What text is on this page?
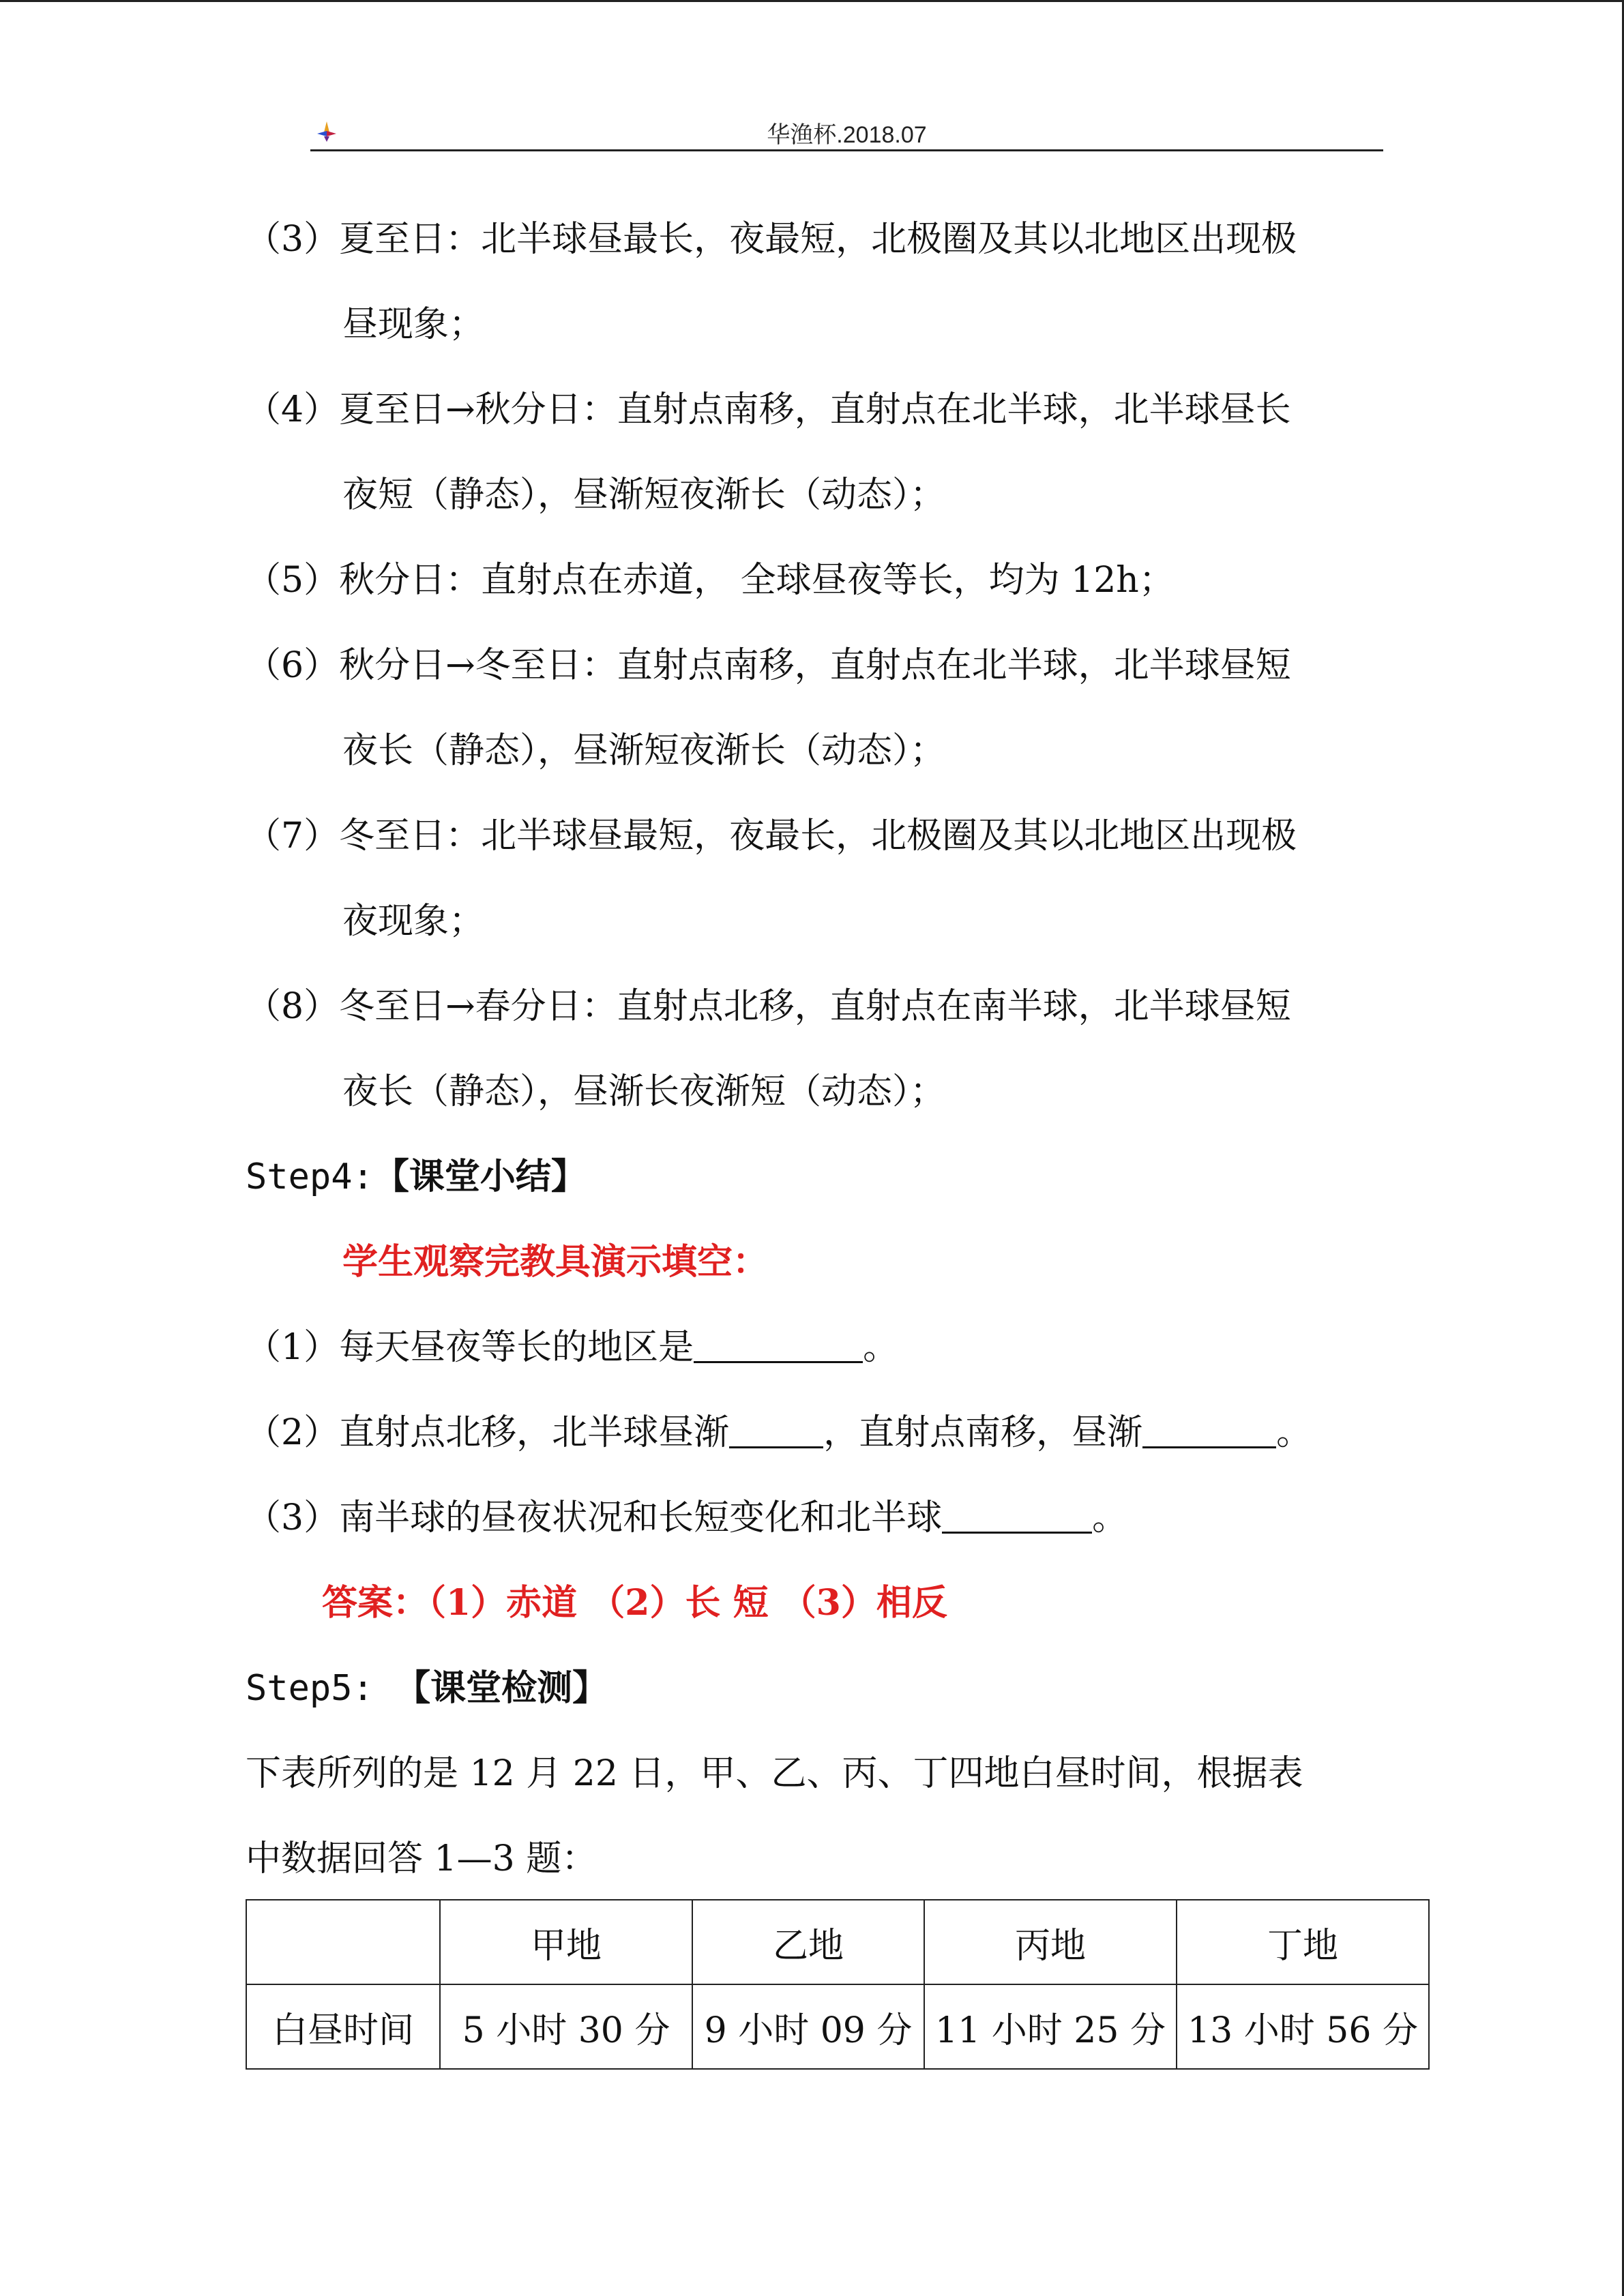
华渔杯.2018.07
（3）夏至日：北半球昼最长，夜最短，北极圈及其以北地区出现极
昼现象；
（4）夏至日→秋分日：直射点南移，直射点在北半球，北半球昼长
夜短（静态），昼渐短夜渐长（动态）；
（5）秋分日：直射点在赤道， 全球昼夜等长，均为 12h；
（6）秋分日→冬至日：直射点南移，直射点在北半球，北半球昼短
夜长（静态），昼渐短夜渐长（动态）；
（7）冬至日：北半球昼最短，夜最长，北极圈及其以北地区出现极
夜现象；
（8）冬至日→春分日：直射点北移，直射点在南半球，北半球昼短
夜长（静态），昼渐长夜渐短（动态）；
Step4:【课堂小结】
学生观察完教具演示填空：
（1）每天昼夜等长的地区是	。
（2）直射点北移，北半球昼渐	，直射点南移，昼渐	。
（3）南半球的昼夜状况和长短变化和北半球	。
答案：（1）赤道 （2）长 短 （3）相反
Step5: 【课堂检测】
下表所列的是 12 月 22 日，甲、乙、丙、丁四地白昼时间，根据表
中数据回答 1—3 题：
	甲地	乙地	丙地	丁地
白昼时间	5 小时 30 分	9 小时 09 分	11 小时 25 分	13 小时 56 分
